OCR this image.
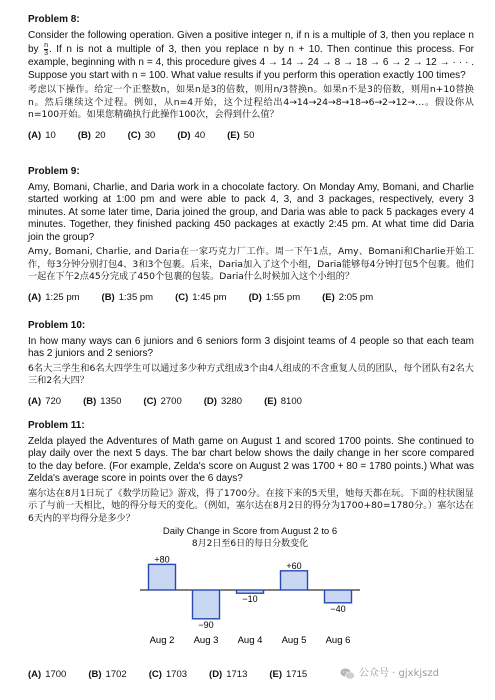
Problem 8:
Consider the following operation. Given a positive integer n, if n is a multiple of 3, then you replace n by $\frac{n}{3}$ . If n is not a multiple of 3, then you replace n by n + 10. Then continue this process. For example, beginning with n = 4, this procedure gives 4 → 14 → 24 → 8 → 18 → 6 → 2 → 12 → · · · . Suppose you start with n = 100. What value results if you perform this operation exactly 100 times?
考虑以下操作。给定一个正整数n，如果n是3的倍数，则用n/3替换n。如果n不是3的倍数，则用n+10替换n。然后继续这个过程。例如，从n=4开始，这个过程给出4→14→24→8→18→6→2→12→…。假设你从n=100开始。如果您精确执行此操作100次，会得到什么值？
(A) 10 (B) 20 (C) 30 (D) 40 (E) 50
Problem 9:
Amy, Bomani, Charlie, and Daria work in a chocolate factory. On Monday Amy, Bomani, and Charlie started working at 1:00 pm and were able to pack 4, 3, and 3 packages, respectively, every 3 minutes. At some later time, Daria joined the group, and Daria was able to pack 5 packages every 4 minutes. Together, they finished packing 450 packages at exactly 2:45 pm. At what time did Daria join the group?
Amy, Bomani, Charlie, and Daria在一家巧克力厂工作。周一下午1点，Amy、Bomani和Charlie开始工作，每3分钟分别打包4、3和3个包裹。后来，Daria加入了这个小组，Daria能够每4分钟打包5个包裹。他们一起在下午2点45分完成了450个包裹的包装。Daria什么时候加入这个小组的？
(A) 1:25 pm (B) 1:35 pm (C) 1:45 pm (D) 1:55 pm (E) 2:05 pm
Problem 10:
In how many ways can 6 juniors and 6 seniors form 3 disjoint teams of 4 people so that each team has 2 juniors and 2 seniors?
6名大三学生和6名大四学生可以通过多少种方式组成3个由4人组成的不含重复人员的团队，每个团队有2名大三和2名大四？
(A) 720 (B) 1350 (C) 2700 (D) 3280 (E) 8100
Problem 11:
Zelda played the Adventures of Math game on August 1 and scored 1700 points. She continued to play daily over the next 5 days. The bar chart below shows the daily change in her score compared to the day before. (For example, Zelda's score on August 2 was 1700 + 80 = 1780 points.) What was Zelda's average score in points over the 6 days?
塞尔达在8月1日玩了《数学历险记》游戏，得了1700分。在接下来的5天里，她每天都在玩。下面的柱状图显示了与前一天相比，她的得分每天的变化。（例如，塞尔达在8月2日的得分为1700+80=1780分。）塞尔达在6天内的平均得分是多少？
Daily Change in Score from August 2 to 6
8月2日至6日的每日分数变化
+80
Aug 2
−90
Aug 3
−10
Aug 4
+60
Aug 5
−40
Aug 6
(A) 1700 (B) 1702 (C) 1703 (D) 1713 (E) 1715	公众号 · gjxkjszd
